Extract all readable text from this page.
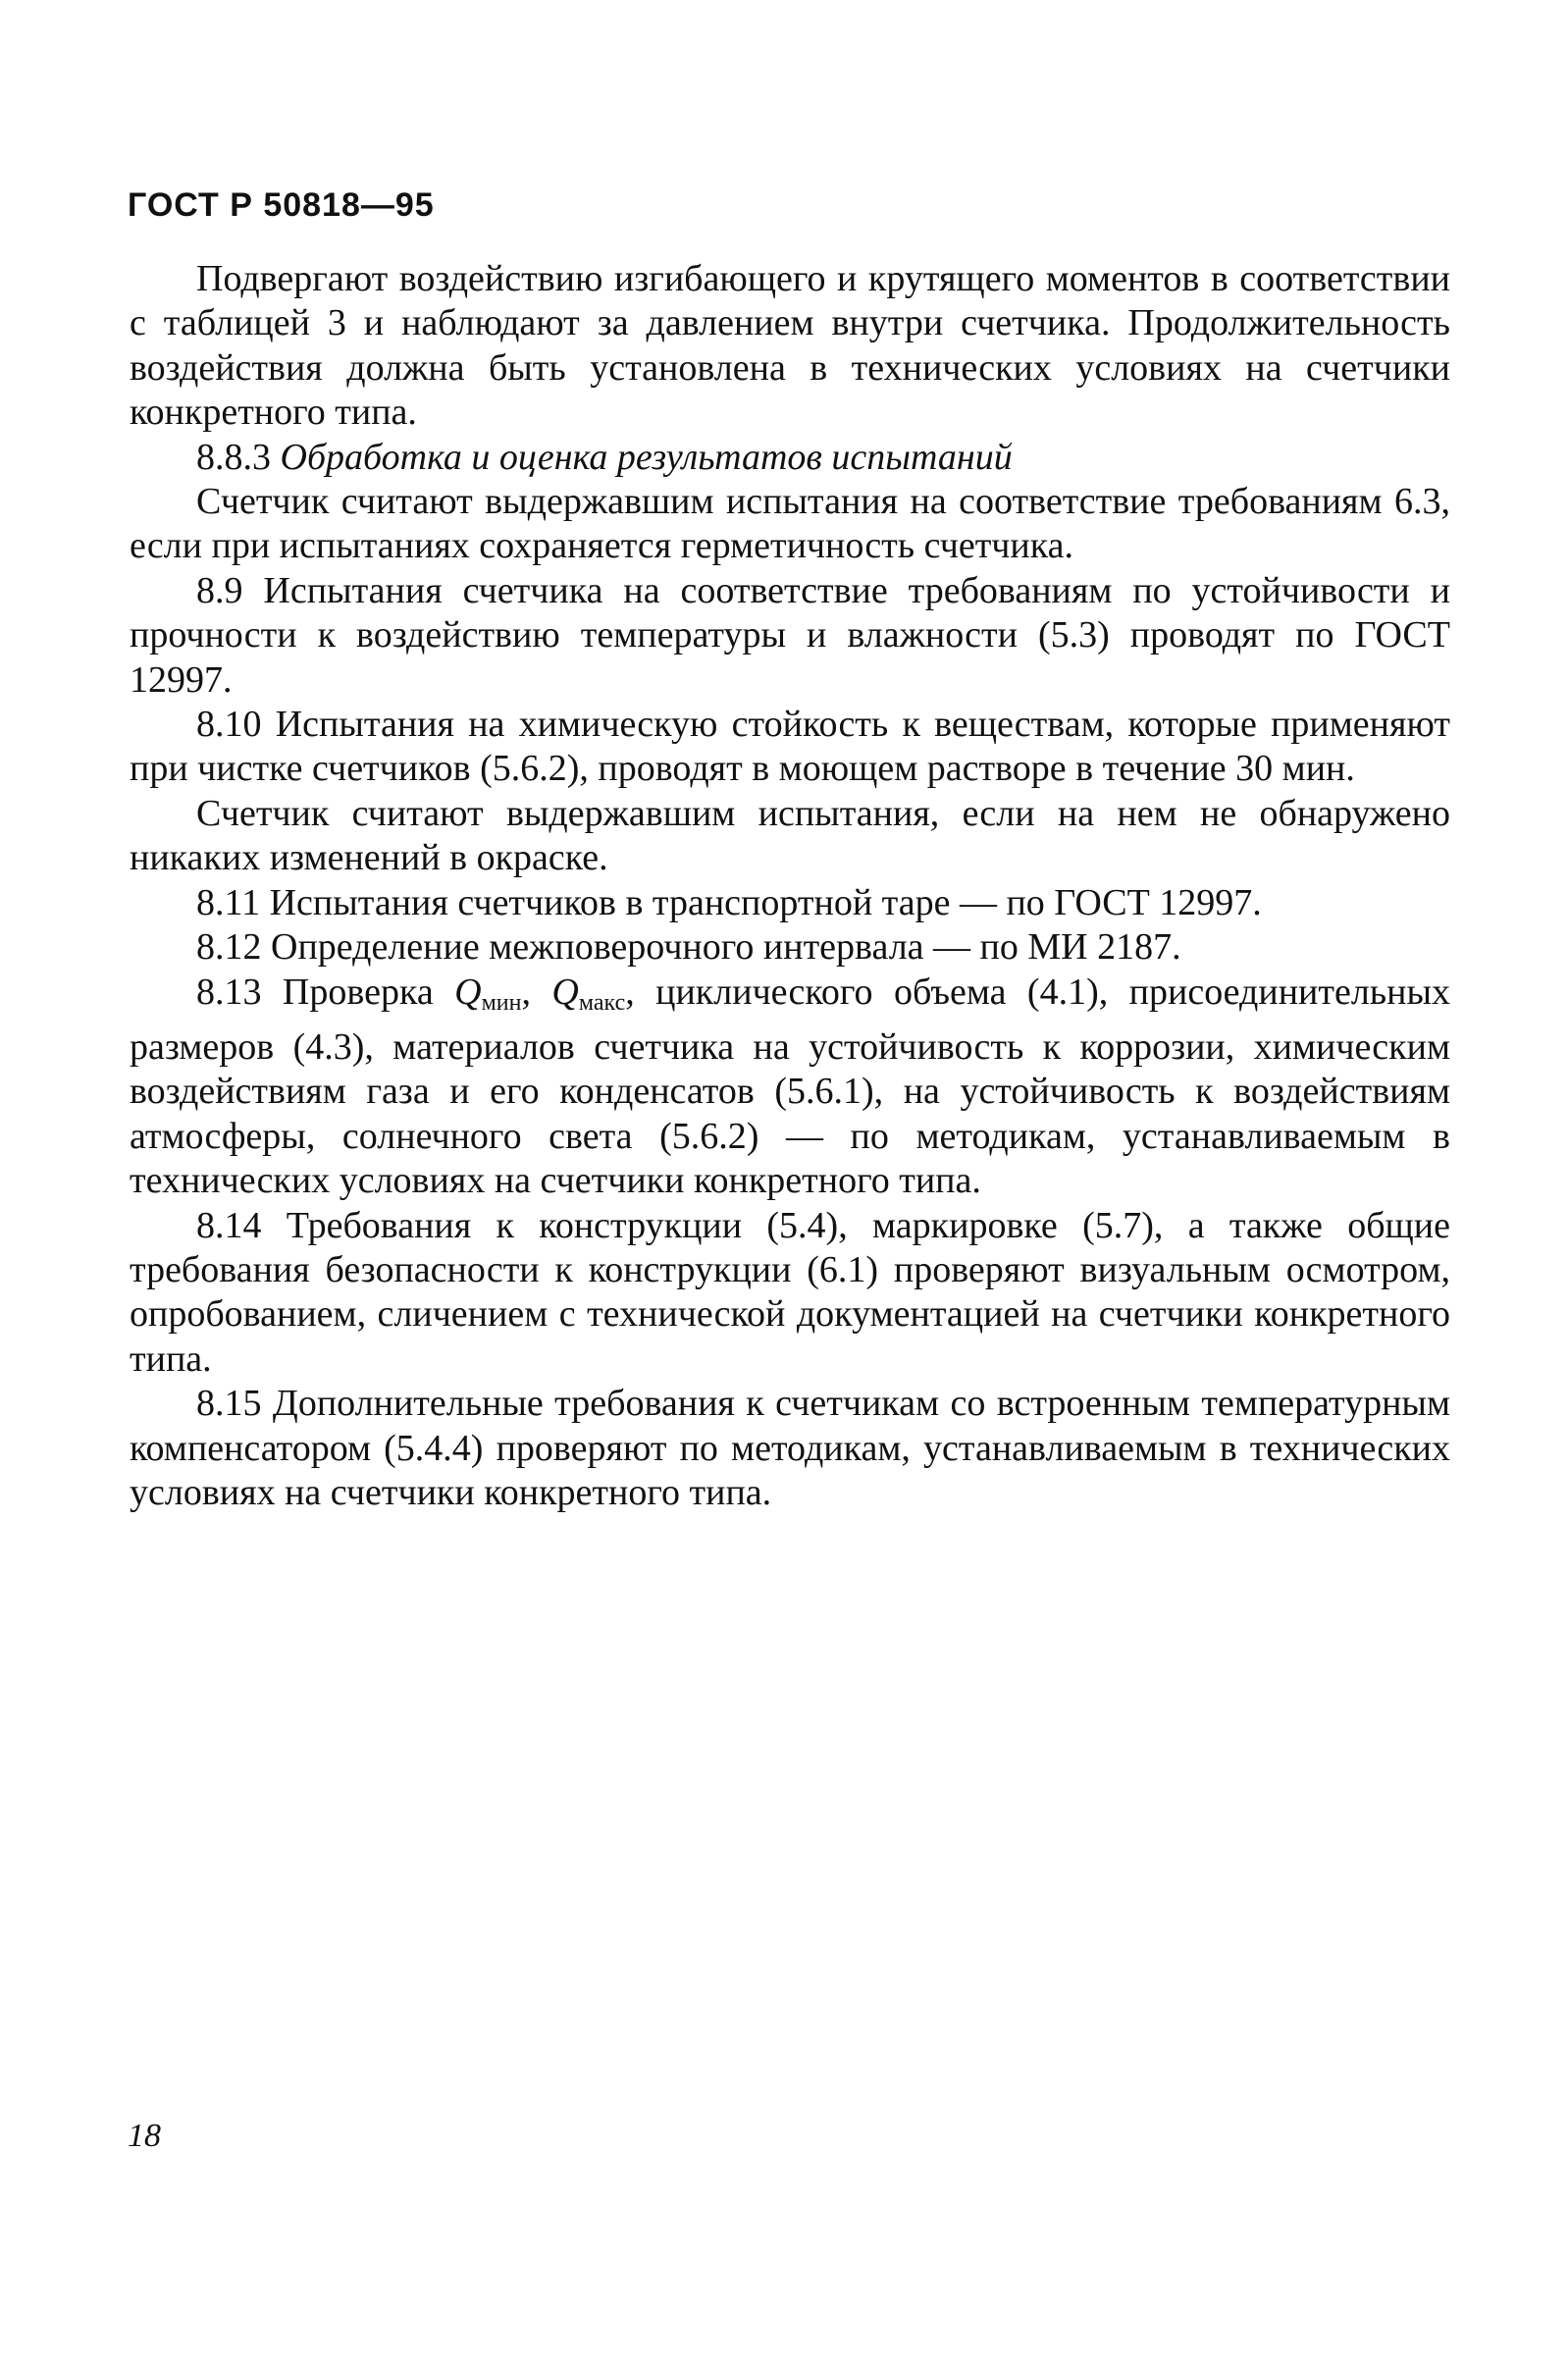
ГОСТ Р 50818—95

Подвергают воздействию изгибающего и крутящего моментов в соответствии с таблицей 3 и наблюдают за давлением внутри счетчика. Продолжительность воздействия должна быть установлена в технических условиях на счетчики конкретного типа.

8.8.3 Обработка и оценка результатов испытаний

Счетчик считают выдержавшим испытания на соответствие требованиям 6.3, если при испытаниях сохраняется герметичность счетчика.

8.9 Испытания счетчика на соответствие требованиям по устойчивости и прочности к воздействию температуры и влажности (5.3) проводят по ГОСТ 12997.

8.10 Испытания на химическую стойкость к веществам, которые применяют при чистке счетчиков (5.6.2), проводят в моющем растворе в течение 30 мин.

Счетчик считают выдержавшим испытания, если на нем не обнаружено никаких изменений в окраске.

8.11 Испытания счетчиков в транспортной таре — по ГОСТ 12997.

8.12 Определение межповерочного интервала — по МИ 2187.

8.13 Проверка $Q_{мин}$, $Q_{макс}$, циклического объема (4.1), присоединительных размеров (4.3), материалов счетчика на устойчивость к коррозии, химическим воздействиям газа и его конденсатов (5.6.1), на устойчивость к воздействиям атмосферы, солнечного света (5.6.2) — по методикам, устанавливаемым в технических условиях на счетчики конкретного типа.

8.14 Требования к конструкции (5.4), маркировке (5.7), а также общие требования безопасности к конструкции (6.1) проверяют визуальным осмотром, опробованием, сличением с технической документацией на счетчики конкретного типа.

8.15 Дополнительные требования к счетчикам со встроенным температурным компенсатором (5.4.4) проверяют по методикам, устанавливаемым в технических условиях на счетчики конкретного типа.

18
